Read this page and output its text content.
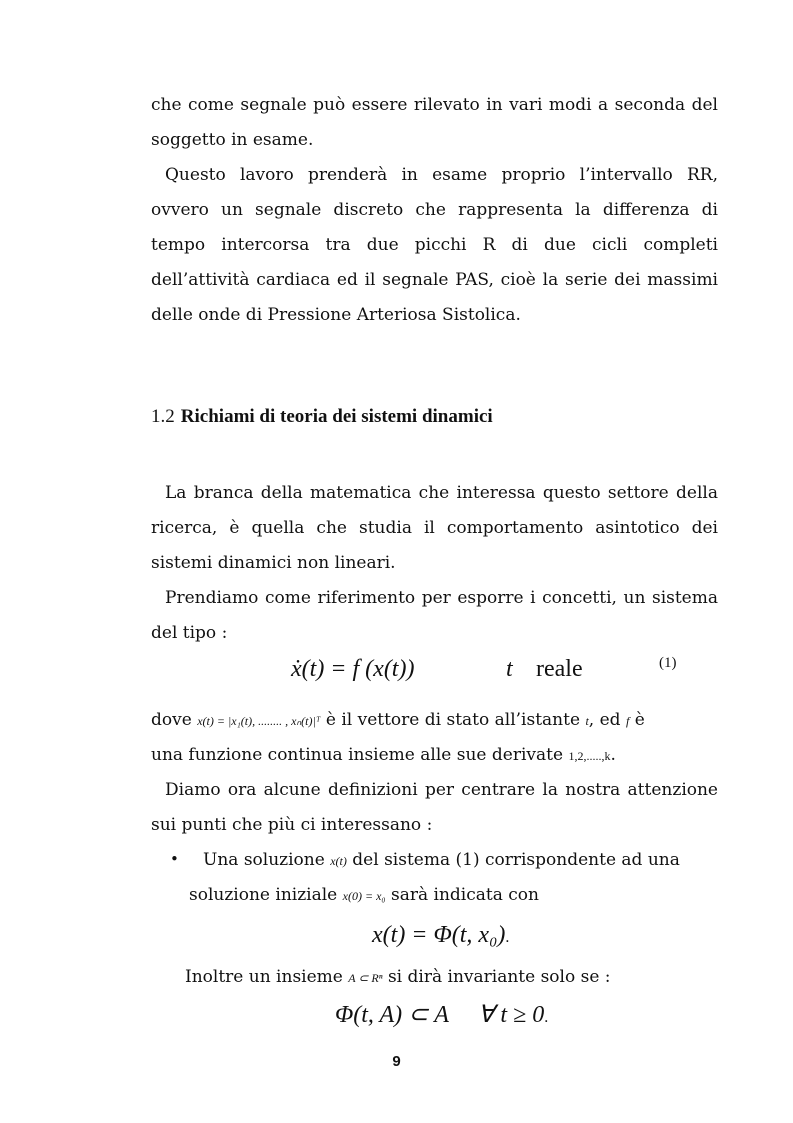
che come segnale può essere rilevato in vari modi a seconda del soggetto in esame.

Questo lavoro prenderà in esame proprio l’intervallo RR, ovvero un segnale discreto che rappresenta la differenza di tempo intercorsa tra due picchi R di due cicli completi dell’attività cardiaca ed il segnale PAS, cioè la serie dei massimi delle onde di Pressione Arteriosa Sistolica.

1.2 Richiami di teoria dei sistemi dinamici

La branca della matematica che interessa questo settore della ricerca, è quella che studia il comportamento asintotico dei sistemi dinamici non lineari.

Prendiamo come riferimento per esporre i concetti, un sistema del tipo :

ẋ(t) = f (x(t))	t reale	(1)
dove x(t) = |x₁(t), ........ , xₙ(t)|ᵀ è il vettore di stato all’istante t, ed f è
una funzione continua insieme alle sue derivate 1,2,.....,k.

Diamo ora alcune definizioni per centrare la nostra attenzione sui punti che più ci interessano :

• Una soluzione x(t) del sistema (1) corrispondente ad una
soluzione iniziale x(0) = x₀ sarà indicata con
x(t) = Φ(t, x₀).
Inoltre un insieme A ⊂ Rⁿ si dirà invariante solo se :
Φ(t, A) ⊂ A ∀ t ≥ 0.
9
